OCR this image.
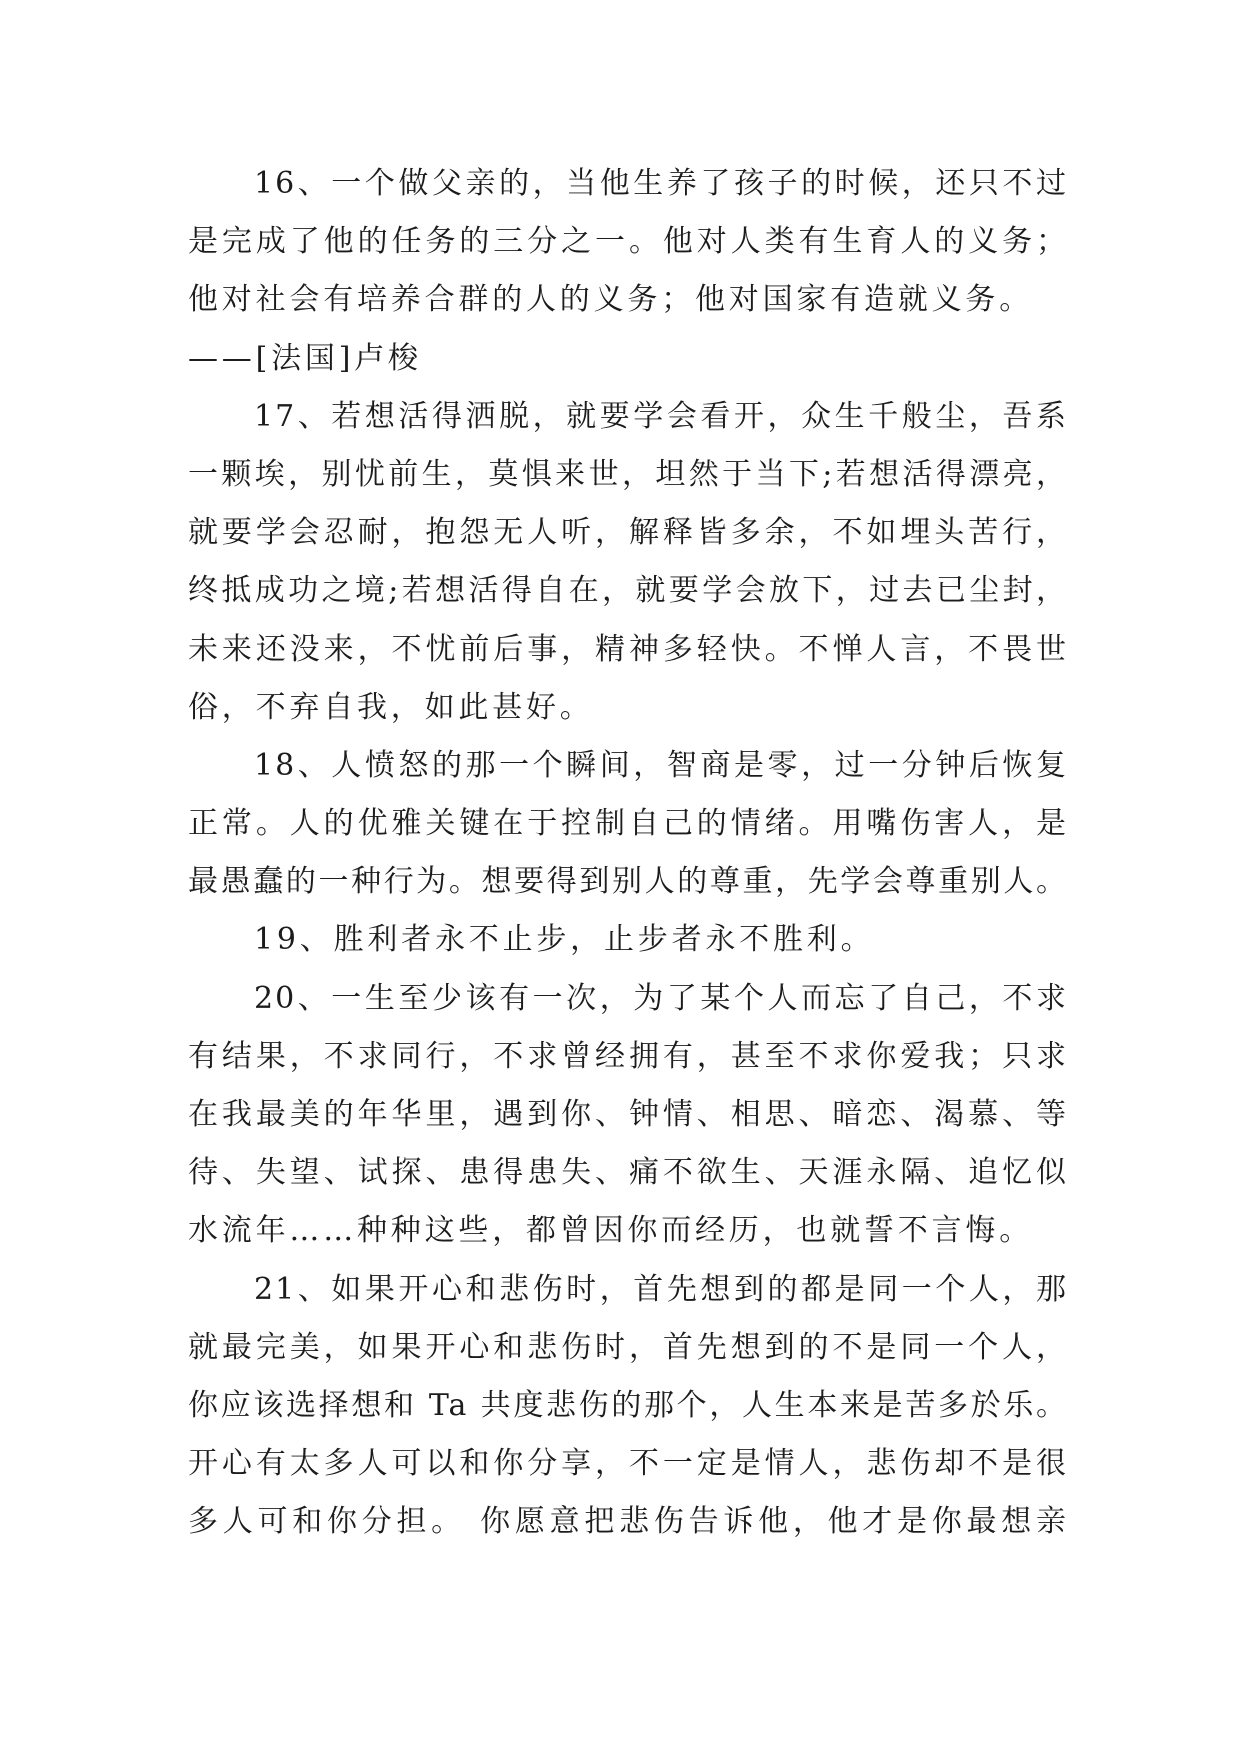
16、一个做父亲的，当他生养了孩子的时候，还只不过
是完成了他的任务的三分之一。他对人类有生育人的义务；
他对社会有培养合群的人的义务；他对国家有造就义务。
——[法国]卢梭
17、若想活得洒脱，就要学会看开，众生千般尘，吾系
一颗埃，别忧前生，莫惧来世，坦然于当下;若想活得漂亮，
就要学会忍耐，抱怨无人听，解释皆多余，不如埋头苦行，
终抵成功之境;若想活得自在，就要学会放下，过去已尘封，
未来还没来，不忧前后事，精神多轻快。不惮人言，不畏世
俗，不弃自我，如此甚好。
18、人愤怒的那一个瞬间，智商是零，过一分钟后恢复
正常。人的优雅关键在于控制自己的情绪。用嘴伤害人，是
最愚蠢的一种行为。想要得到别人的尊重，先学会尊重别人。
19、胜利者永不止步，止步者永不胜利。
20、一生至少该有一次，为了某个人而忘了自己，不求
有结果，不求同行，不求曾经拥有，甚至不求你爱我；只求
在我最美的年华里，遇到你、钟情、相思、暗恋、渴慕、等
待、失望、试探、患得患失、痛不欲生、天涯永隔、追忆似
水流年……种种这些，都曾因你而经历，也就誓不言悔。
21、如果开心和悲伤时，首先想到的都是同一个人，那
就最完美，如果开心和悲伤时，首先想到的不是同一个人，
你应该选择想和 Ta 共度悲伤的那个，人生本来是苦多於乐。
开心有太多人可以和你分享，不一定是情人，悲伤却不是很
多人可和你分担。 你愿意把悲伤告诉他，他才是你最想亲
